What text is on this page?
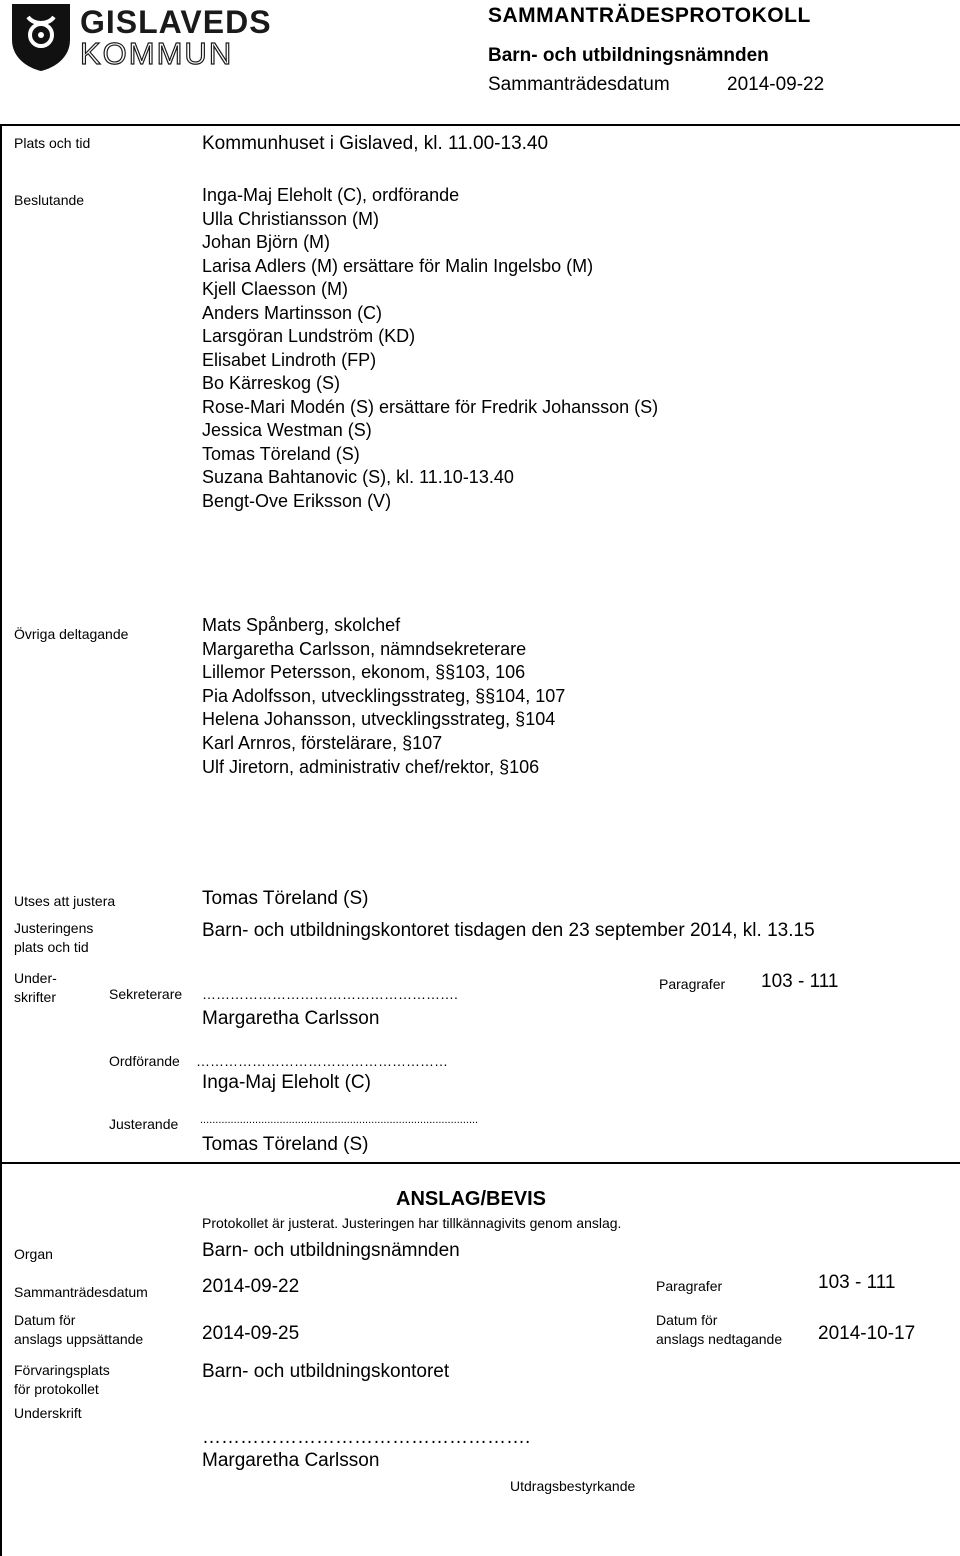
GISLAVEDS
KOMMUN
SAMMANTRÄDESPROTOKOLL
Barn- och utbildningsnämnden
Sammanträdesdatum	2014-09-22
Plats och tid	Kommunhuset i Gislaved, kl. 11.00-13.40
Beslutande	Inga-Maj Eleholt (C), ordförande
Ulla Christiansson (M)
Johan Björn (M)
Larisa Adlers (M) ersättare för Malin Ingelsbo (M)
Kjell Claesson (M)
Anders Martinsson (C)
Larsgöran Lundström (KD)
Elisabet Lindroth (FP)
Bo Kärreskog (S)
Rose-Mari Modén (S) ersättare för Fredrik Johansson (S)
Jessica Westman (S)
Tomas Töreland (S)
Suzana Bahtanovic (S), kl. 11.10-13.40
Bengt-Ove Eriksson (V)
Övriga deltagande	Mats Spånberg, skolchef
Margaretha Carlsson, nämndsekreterare
Lillemor Petersson, ekonom, §§103, 106
Pia Adolfsson, utvecklingsstrateg, §§104, 107
Helena Johansson, utvecklingsstrateg, §104
Karl Arnros, förstelärare, §107
Ulf Jiretorn, administrativ chef/rektor, §106
Utses att justera	Tomas Töreland (S)
Justeringens
plats och tid
Barn- och utbildningskontoret tisdagen den 23 september 2014, kl. 13.15
Under-
skrifter	Sekreterare ……………………………………………….
Margaretha Carlsson
Paragrafer 103 - 111
Ordförande ………………………………………………
Inga-Maj Eleholt (C)
Justerande ...........................................................................................
Tomas Töreland (S)
ANSLAG/BEVIS
Protokollet är justerat. Justeringen har tillkännagivits genom anslag.
Organ	Barn- och utbildningsnämnden
Sammanträdesdatum	2014-09-22	Paragrafer	103 - 111
Datum för
anslags uppsättande	2014-09-25
Datum för
anslags nedtagande 2014-10-17
Förvaringsplats
för protokollet
Barn- och utbildningskontoret
Underskrift
…………………………………………….
Margaretha Carlsson
Utdragsbestyrkande
